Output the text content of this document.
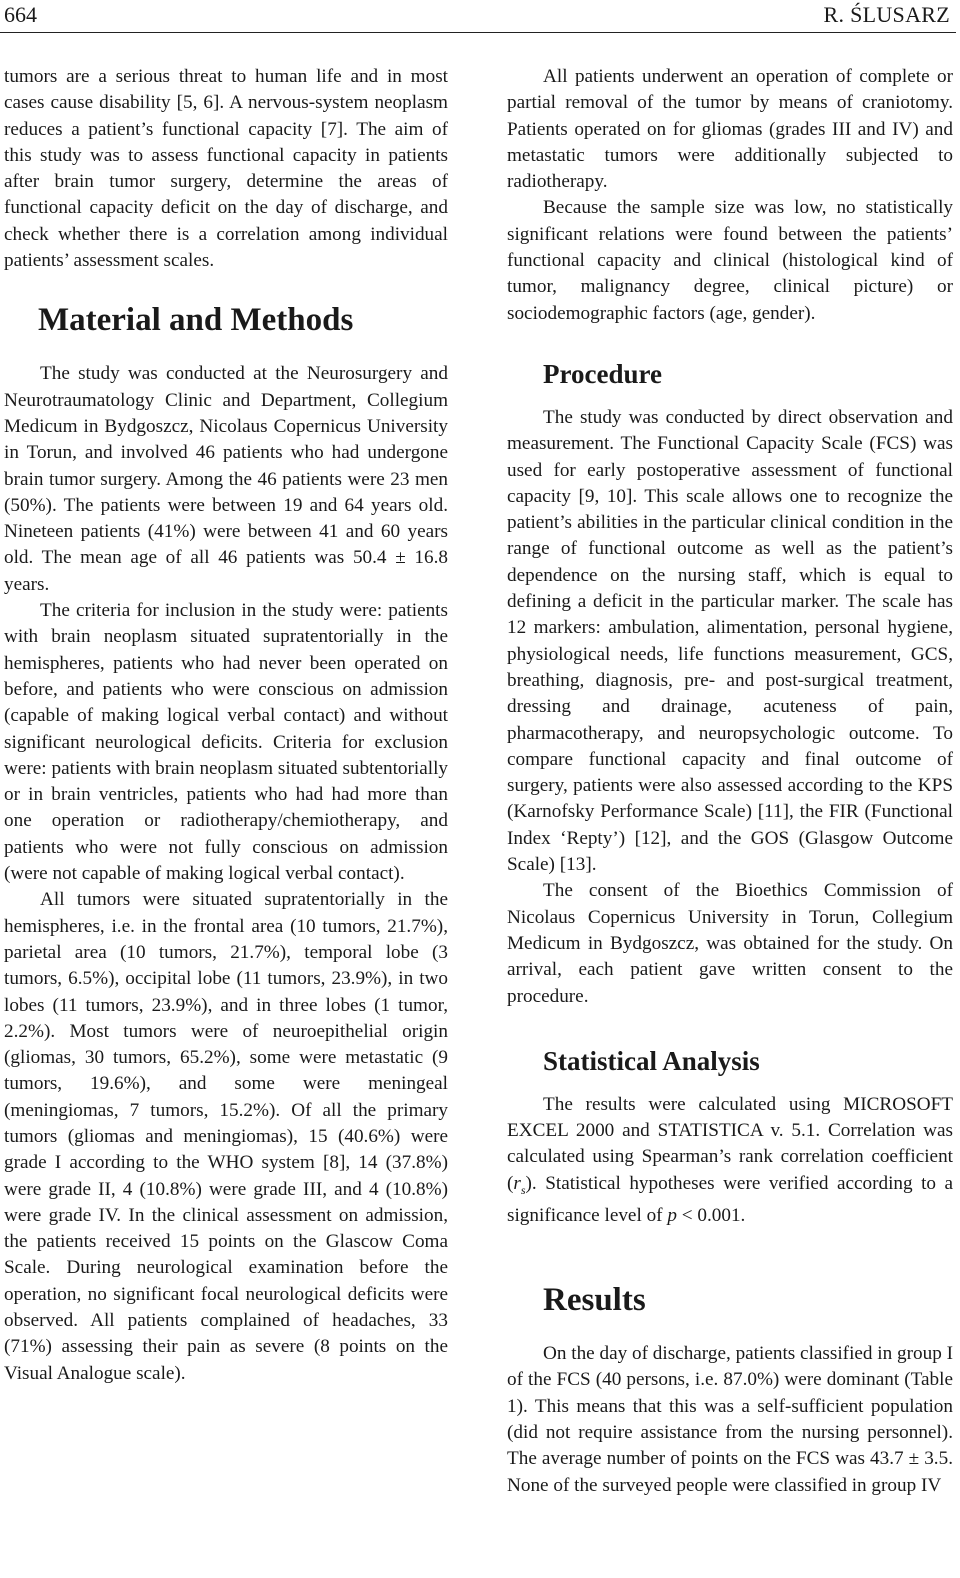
664	R. ŚLUSARZ

tumors are a serious threat to human life and in most cases cause disability [5, 6]. A nervous-system neoplasm reduces a patient’s functional capacity [7]. The aim of this study was to assess functional capacity in patients after brain tumor surgery, determine the areas of functional capacity deficit on the day of discharge, and check whether there is a correlation among individual patients’ assessment scales.

Material and Methods

The study was conducted at the Neurosurgery and Neurotraumatology Clinic and Department, Collegium Medicum in Bydgoszcz, Nicolaus Copernicus University in Torun, and involved 46 patients who had undergone brain tumor surgery. Among the 46 patients were 23 men (50%). The patients were between 19 and 64 years old. Nineteen patients (41%) were between 41 and 60 years old. The mean age of all 46 patients was 50.4 ± 16.8 years.

The criteria for inclusion in the study were: patients with brain neoplasm situated supratentorially in the hemispheres, patients who had never been operated on before, and patients who were conscious on admission (capable of making logical verbal contact) and without significant neurological deficits. Criteria for exclusion were: patients with brain neoplasm situated subtentorially or in brain ventricles, patients who had had more than one operation or radiotherapy/chemiotherapy, and patients who were not fully conscious on admission (were not capable of making logical verbal contact).

All tumors were situated supratentorially in the hemispheres, i.e. in the frontal area (10 tumors, 21.7%), parietal area (10 tumors, 21.7%), temporal lobe (3 tumors, 6.5%), occipital lobe (11 tumors, 23.9%), in two lobes (11 tumors, 23.9%), and in three lobes (1 tumor, 2.2%). Most tumors were of neuroepithelial origin (gliomas, 30 tumors, 65.2%), some were metastatic (9 tumors, 19.6%), and some were meningeal (meningiomas, 7 tumors, 15.2%). Of all the primary tumors (gliomas and meningiomas), 15 (40.6%) were grade I according to the WHO system [8], 14 (37.8%) were grade II, 4 (10.8%) were grade III, and 4 (10.8%) were grade IV. In the clinical assessment on admission, the patients received 15 points on the Glascow Coma Scale. During neurological examination before the operation, no significant focal neurological deficits were observed. All patients complained of headaches, 33 (71%) assessing their pain as severe (8 points on the Visual Analogue scale).

All patients underwent an operation of complete or partial removal of the tumor by means of craniotomy. Patients operated on for gliomas (grades III and IV) and metastatic tumors were additionally subjected to radiotherapy.

Because the sample size was low, no statistically significant relations were found between the patients’ functional capacity and clinical (histological kind of tumor, malignancy degree, clinical picture) or sociodemographic factors (age, gender).

Procedure

The study was conducted by direct observation and measurement. The Functional Capacity Scale (FCS) was used for early postoperative assessment of functional capacity [9, 10]. This scale allows one to recognize the patient’s abilities in the particular clinical condition in the range of functional outcome as well as the patient’s dependence on the nursing staff, which is equal to defining a deficit in the particular marker. The scale has 12 markers: ambulation, alimentation, personal hygiene, physiological needs, life functions measurement, GCS, breathing, diagnosis, pre- and post-surgical treatment, dressing and drainage, acuteness of pain, pharmacotherapy, and neuropsychologic outcome. To compare functional capacity and final outcome of surgery, patients were also assessed according to the KPS (Karnofsky Performance Scale) [11], the FIR (Functional Index ‘Repty’) [12], and the GOS (Glasgow Outcome Scale) [13].

The consent of the Bioethics Commission of Nicolaus Copernicus University in Torun, Collegium Medicum in Bydgoszcz, was obtained for the study. On arrival, each patient gave written consent to the procedure.

Statistical Analysis

The results were calculated using MICROSOFT EXCEL 2000 and STATISTICA v. 5.1. Correlation was calculated using Spearman’s rank correlation coefficient $(r_s)$. Statistical hypotheses were verified according to a significance level of p < 0.001.

Results

On the day of discharge, patients classified in group I of the FCS (40 persons, i.e. 87.0%) were dominant (Table 1). This means that this was a self-sufficient population (did not require assistance from the nursing personnel). The average number of points on the FCS was 43.7 ± 3.5. None of the surveyed people were classified in group IV
